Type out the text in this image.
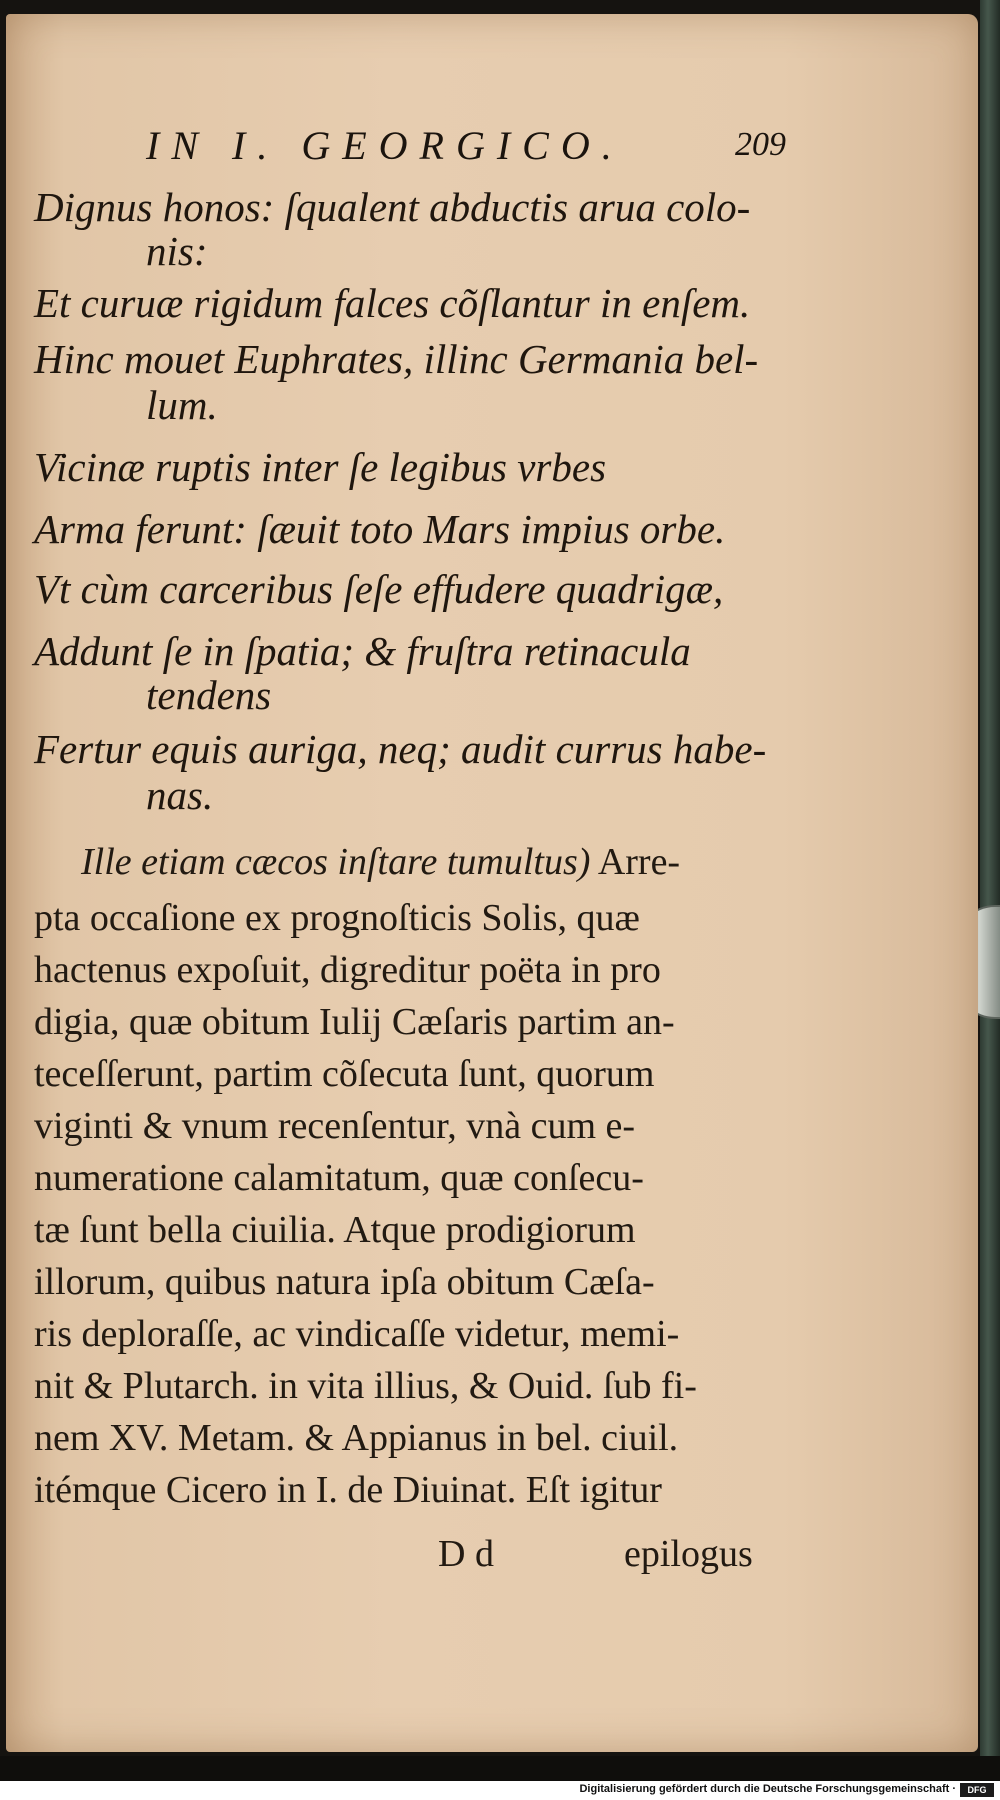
IN I. GEORGICO.	209
Dignus honos: ſqualent abductis arua colo-
nis:
Et curuæ rigidum falces cõſlantur in enſem.
Hinc mouet Euphrates, illinc Germania bel-
lum.
Vicinæ ruptis inter ſe legibus vrbes
Arma ferunt: ſæuit toto Mars impius orbe.
Vt cùm carceribus ſeſe effudere quadrigæ,
Addunt ſe in ſpatia; & fruſtra retinacula
tendens
Fertur equis auriga, neq; audit currus habe-
nas.
Ille etiam cæcos inſtare tumultus) Arre-
pta occaſione ex prognoſticis Solis, quæ
hactenus expoſuit, digreditur poëta in pro
digia, quæ obitum Iulij Cæſaris partim an-
teceſſerunt, partim cõſecuta ſunt, quorum
viginti & vnum recenſentur, vnà cum e-
numeratione calamitatum, quæ conſecu-
tæ ſunt bella ciuilia. Atque prodigiorum
illorum, quibus natura ipſa obitum Cæſa-
ris deploraſſe, ac vindicaſſe videtur, memi-
nit & Plutarch. in vita illius, & Ouid. ſub fi-
nem XV. Metam. & Appianus in bel. ciuil.
itémque Cicero in I. de Diuinat. Eſt igitur
D d	epilogus
Digitalisierung gefördert durch die Deutsche Forschungsgemeinschaft ·	DFG
